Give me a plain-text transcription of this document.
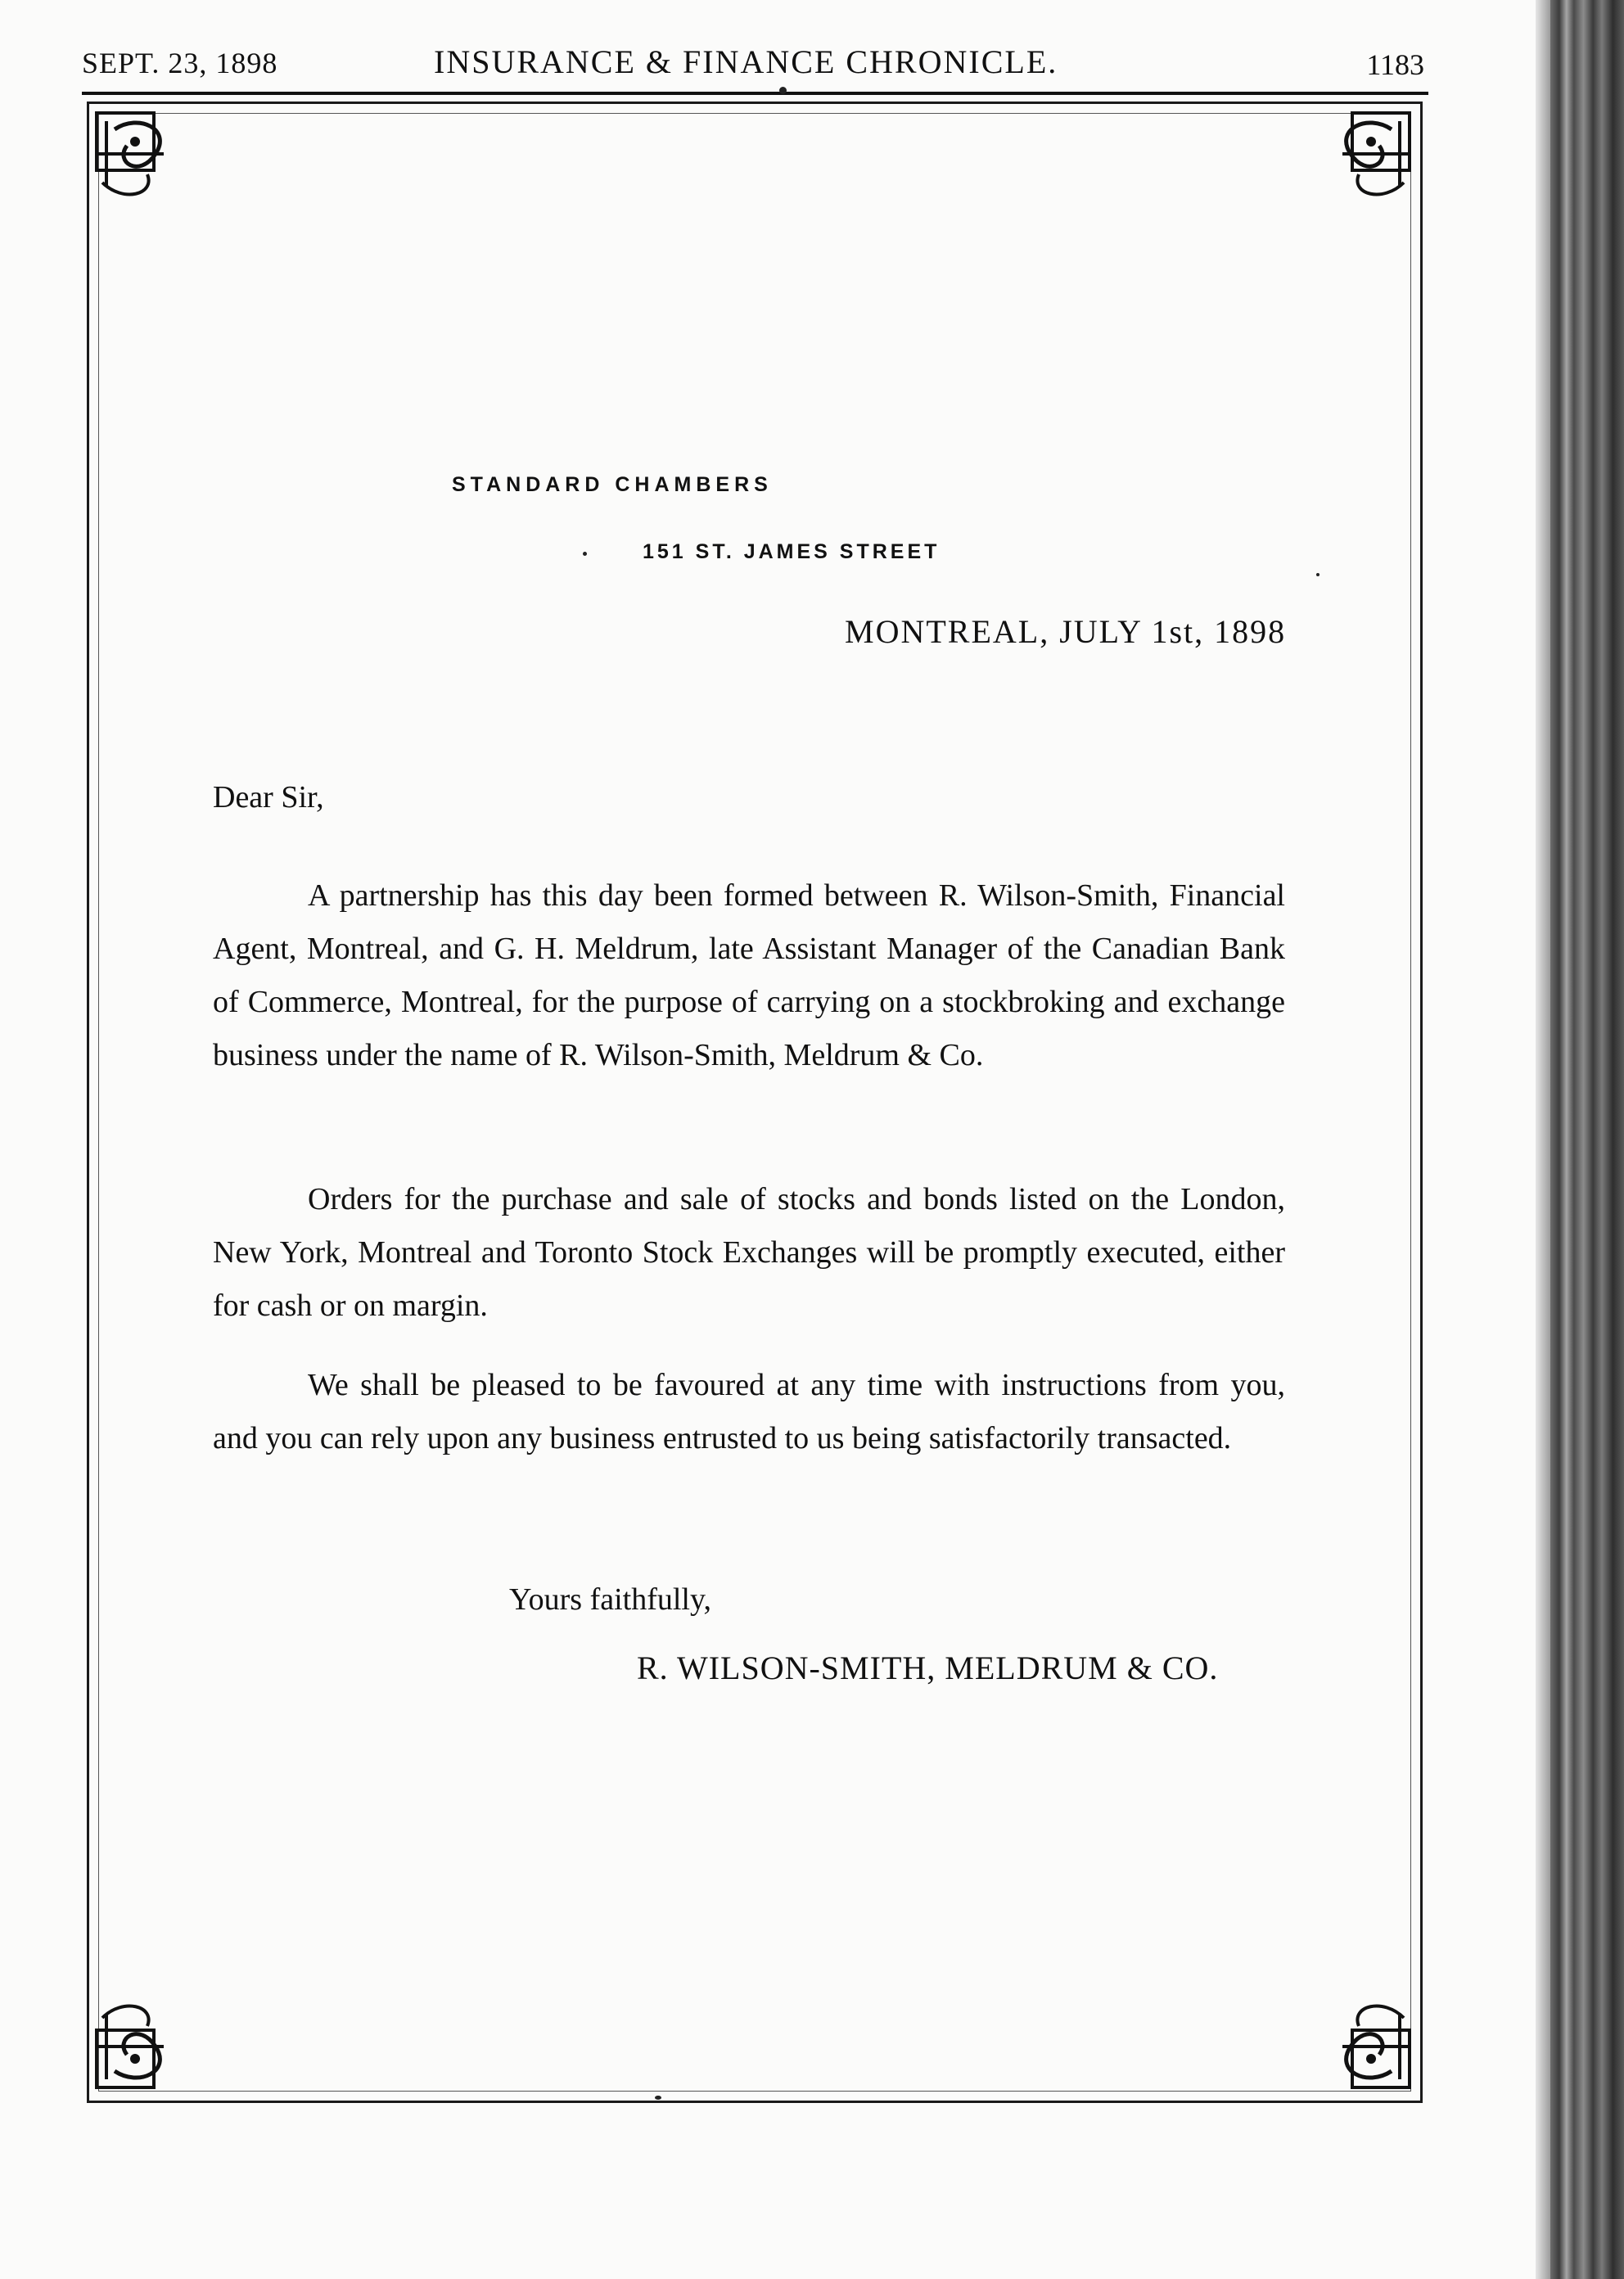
SEPT. 23, 1898	INSURANCE & FINANCE CHRONICLE.	1183
STANDARD CHAMBERS
151 ST. JAMES STREET
MONTREAL, JULY 1st, 1898
Dear Sir,

A partnership has this day been formed between R. Wilson-Smith, Financial Agent, Montreal, and G. H. Meldrum, late Assistant Manager of the Canadian Bank of Commerce, Montreal, for the purpose of carrying on a stockbroking and exchange business under the name of R. Wilson-Smith, Meldrum & Co.

Orders for the purchase and sale of stocks and bonds listed on the London, New York, Montreal and Toronto Stock Exchanges will be promptly executed, either for cash or on margin.

We shall be pleased to be favoured at any time with instructions from you, and you can rely upon any business entrusted to us being satisfactorily transacted.

Yours faithfully,
R. WILSON-SMITH, MELDRUM & CO.
